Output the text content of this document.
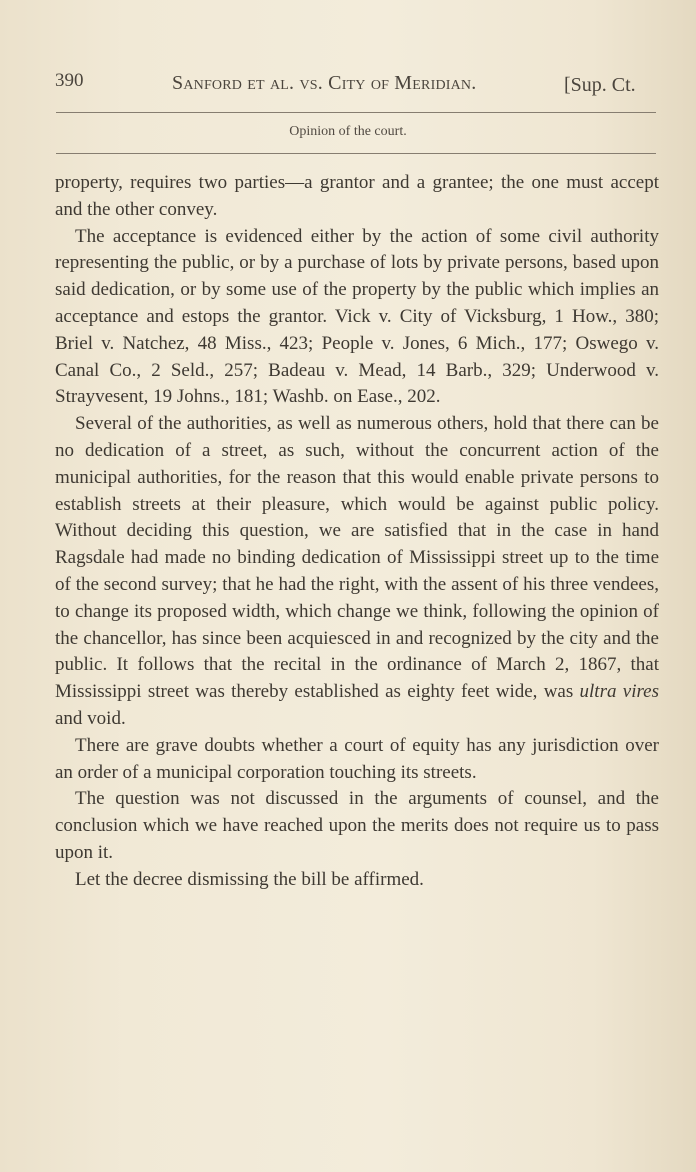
390	Sanford et al. vs. City of Meridian.	[Sup. Ct.
Opinion of the court.

property, requires two parties—a grantor and a grantee; the one must accept and the other convey.

The acceptance is evidenced either by the action of some civil authority representing the public, or by a purchase of lots by private persons, based upon said dedication, or by some use of the property by the public which implies an acceptance and estops the grantor. Vick v. City of Vicksburg, 1 How., 380; Briel v. Natchez, 48 Miss., 423; People v. Jones, 6 Mich., 177; Oswego v. Canal Co., 2 Seld., 257; Badeau v. Mead, 14 Barb., 329; Underwood v. Strayvesent, 19 Johns., 181; Washb. on Ease., 202.

Several of the authorities, as well as numerous others, hold that there can be no dedication of a street, as such, without the concurrent action of the municipal authorities, for the reason that this would enable private persons to establish streets at their pleasure, which would be against public policy. Without deciding this question, we are satisfied that in the case in hand Ragsdale had made no binding dedication of Mississippi street up to the time of the second survey; that he had the right, with the assent of his three vendees, to change its proposed width, which change we think, following the opinion of the chancellor, has since been acquiesced in and recognized by the city and the public. It follows that the recital in the ordinance of March 2, 1867, that Mississippi street was thereby established as eighty feet wide, was ultra vires and void.

There are grave doubts whether a court of equity has any jurisdiction over an order of a municipal corporation touching its streets.

The question was not discussed in the arguments of counsel, and the conclusion which we have reached upon the merits does not require us to pass upon it.

Let the decree dismissing the bill be affirmed.
